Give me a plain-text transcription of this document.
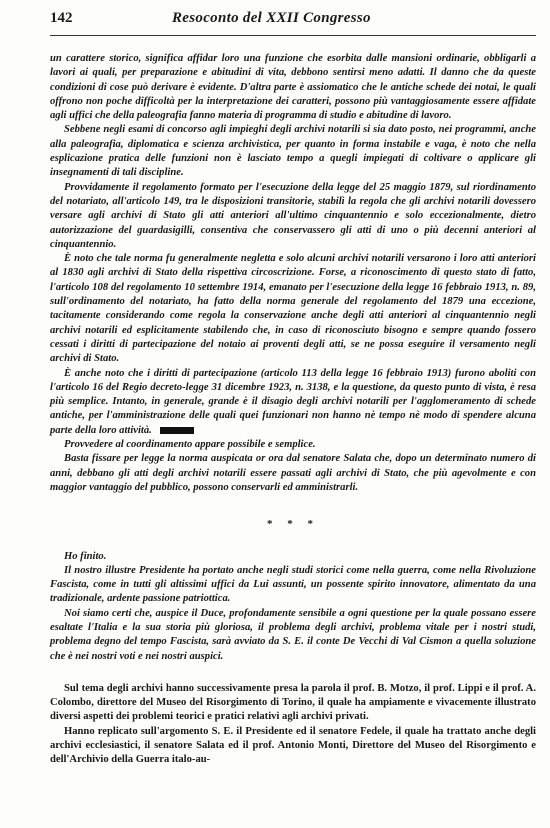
142	Resoconto del XXII Congresso

un carattere storico, significa affidar loro una funzione che esorbita dalle mansioni ordinarie, obbligarli a lavori ai quali, per preparazione e abitudini di vita, debbono sentirsi meno adatti. Il danno che da queste condizioni di cose può derivare è evidente. D'altra parte è assiomatico che le antiche schede dei notai, le quali offrono non poche difficoltà per la interpretazione dei caratteri, possono più vantaggiosamente essere affidate agli uffici che della paleografia fanno materia di programma di studio e abitudine di lavoro.

Sebbene negli esami di concorso agli impieghi degli archivi notarili si sia dato posto, nei programmi, anche alla paleografia, diplomatica e scienza archivistica, per quanto in forma instabile e vaga, è noto che nella esplicazione pratica delle funzioni non è lasciato tempo a quegli impiegati di coltivare o applicare gli insegnamenti di tali discipline.

Provvidamente il regolamento formato per l'esecuzione della legge del 25 maggio 1879, sul riordinamento del notariato, all'articolo 149, tra le disposizioni transitorie, stabilì la regola che gli archivi notarili dovessero versare agli archivi di Stato gli atti anteriori all'ultimo cinquantennio e solo eccezionalmente, dietro autorizzazione del guardasigilli, consentiva che conservassero gli atti di uno o più decenni anteriori al cinquantennio.

È noto che tale norma fu generalmente negletta e solo alcuni archivi notarili versarono i loro atti anteriori al 1830 agli archivi di Stato della rispettiva circoscrizione. Forse, a riconoscimento di questo stato di fatto, l'articolo 108 del regolamento 10 settembre 1914, emanato per l'esecuzione della legge 16 febbraio 1913, n. 89, sull'ordinamento del notariato, ha fatto della norma generale del regolamento del 1879 una eccezione, tacitamente considerando come regola la conservazione anche degli atti anteriori al cinquantennio negli archivi notarili ed esplicitamente stabilendo che, in caso di riconosciuto bisogno e sempre quando fossero cessati i diritti di partecipazione del notaio ai proventi degli atti, se ne possa eseguire il versamento negli archivi di Stato.

È anche noto che i diritti di partecipazione (articolo 113 della legge 16 febbraio 1913) furono aboliti con l'articolo 16 del Regio decreto-legge 31 dicembre 1923, n. 3138, e la questione, da questo punto di vista, è resa più semplice. Intanto, in generale, grande è il disagio degli archivi notarili per l'agglomeramento di schede antiche, per l'amministrazione delle quali quei funzionari non hanno nè tempo nè modo di spendere alcuna parte della loro attività.

Provvedere al coordinamento appare possibile e semplice.

Basta fissare per legge la norma auspicata or ora dal senatore Salata che, dopo un determinato numero di anni, debbano gli atti degli archivi notarili essere passati agli archivi di Stato, che più agevolmente e con maggior vantaggio del pubblico, possono conservarli ed amministrarli.

* * *

Ho finito.

Il nostro illustre Presidente ha portato anche negli studi storici come nella guerra, come nella Rivoluzione Fascista, come in tutti gli altissimi uffici da Lui assunti, un possente spirito innovatore, alimentato da una tradizionale, ardente passione patriottica.

Noi siamo certi che, auspice il Duce, profondamente sensibile a ogni questione per la quale possano essere esaltate l'Italia e la sua storia più gloriosa, il problema degli archivi, problema vitale per i nostri studi, problema degno del tempo Fascista, sarà avviato da S. E. il conte De Vecchi di Val Cismon a quella soluzione che è nei nostri voti e nei nostri auspici.

Sul tema degli archivi hanno successivamente presa la parola il prof. B. Motzo, il prof. Lippi e il prof. A. Colombo, direttore del Museo del Risorgimento di Torino, il quale ha ampiamente e vivacemente illustrato diversi aspetti dei problemi teorici e pratici relativi agli archivi privati.

Hanno replicato sull'argomento S. E. il Presidente ed il senatore Fedele, il quale ha trattato anche degli archivi ecclesiastici, il senatore Salata ed il prof. Antonio Monti, Direttore del Museo del Risorgimento e dell'Archivio della Guerra italo-au-
